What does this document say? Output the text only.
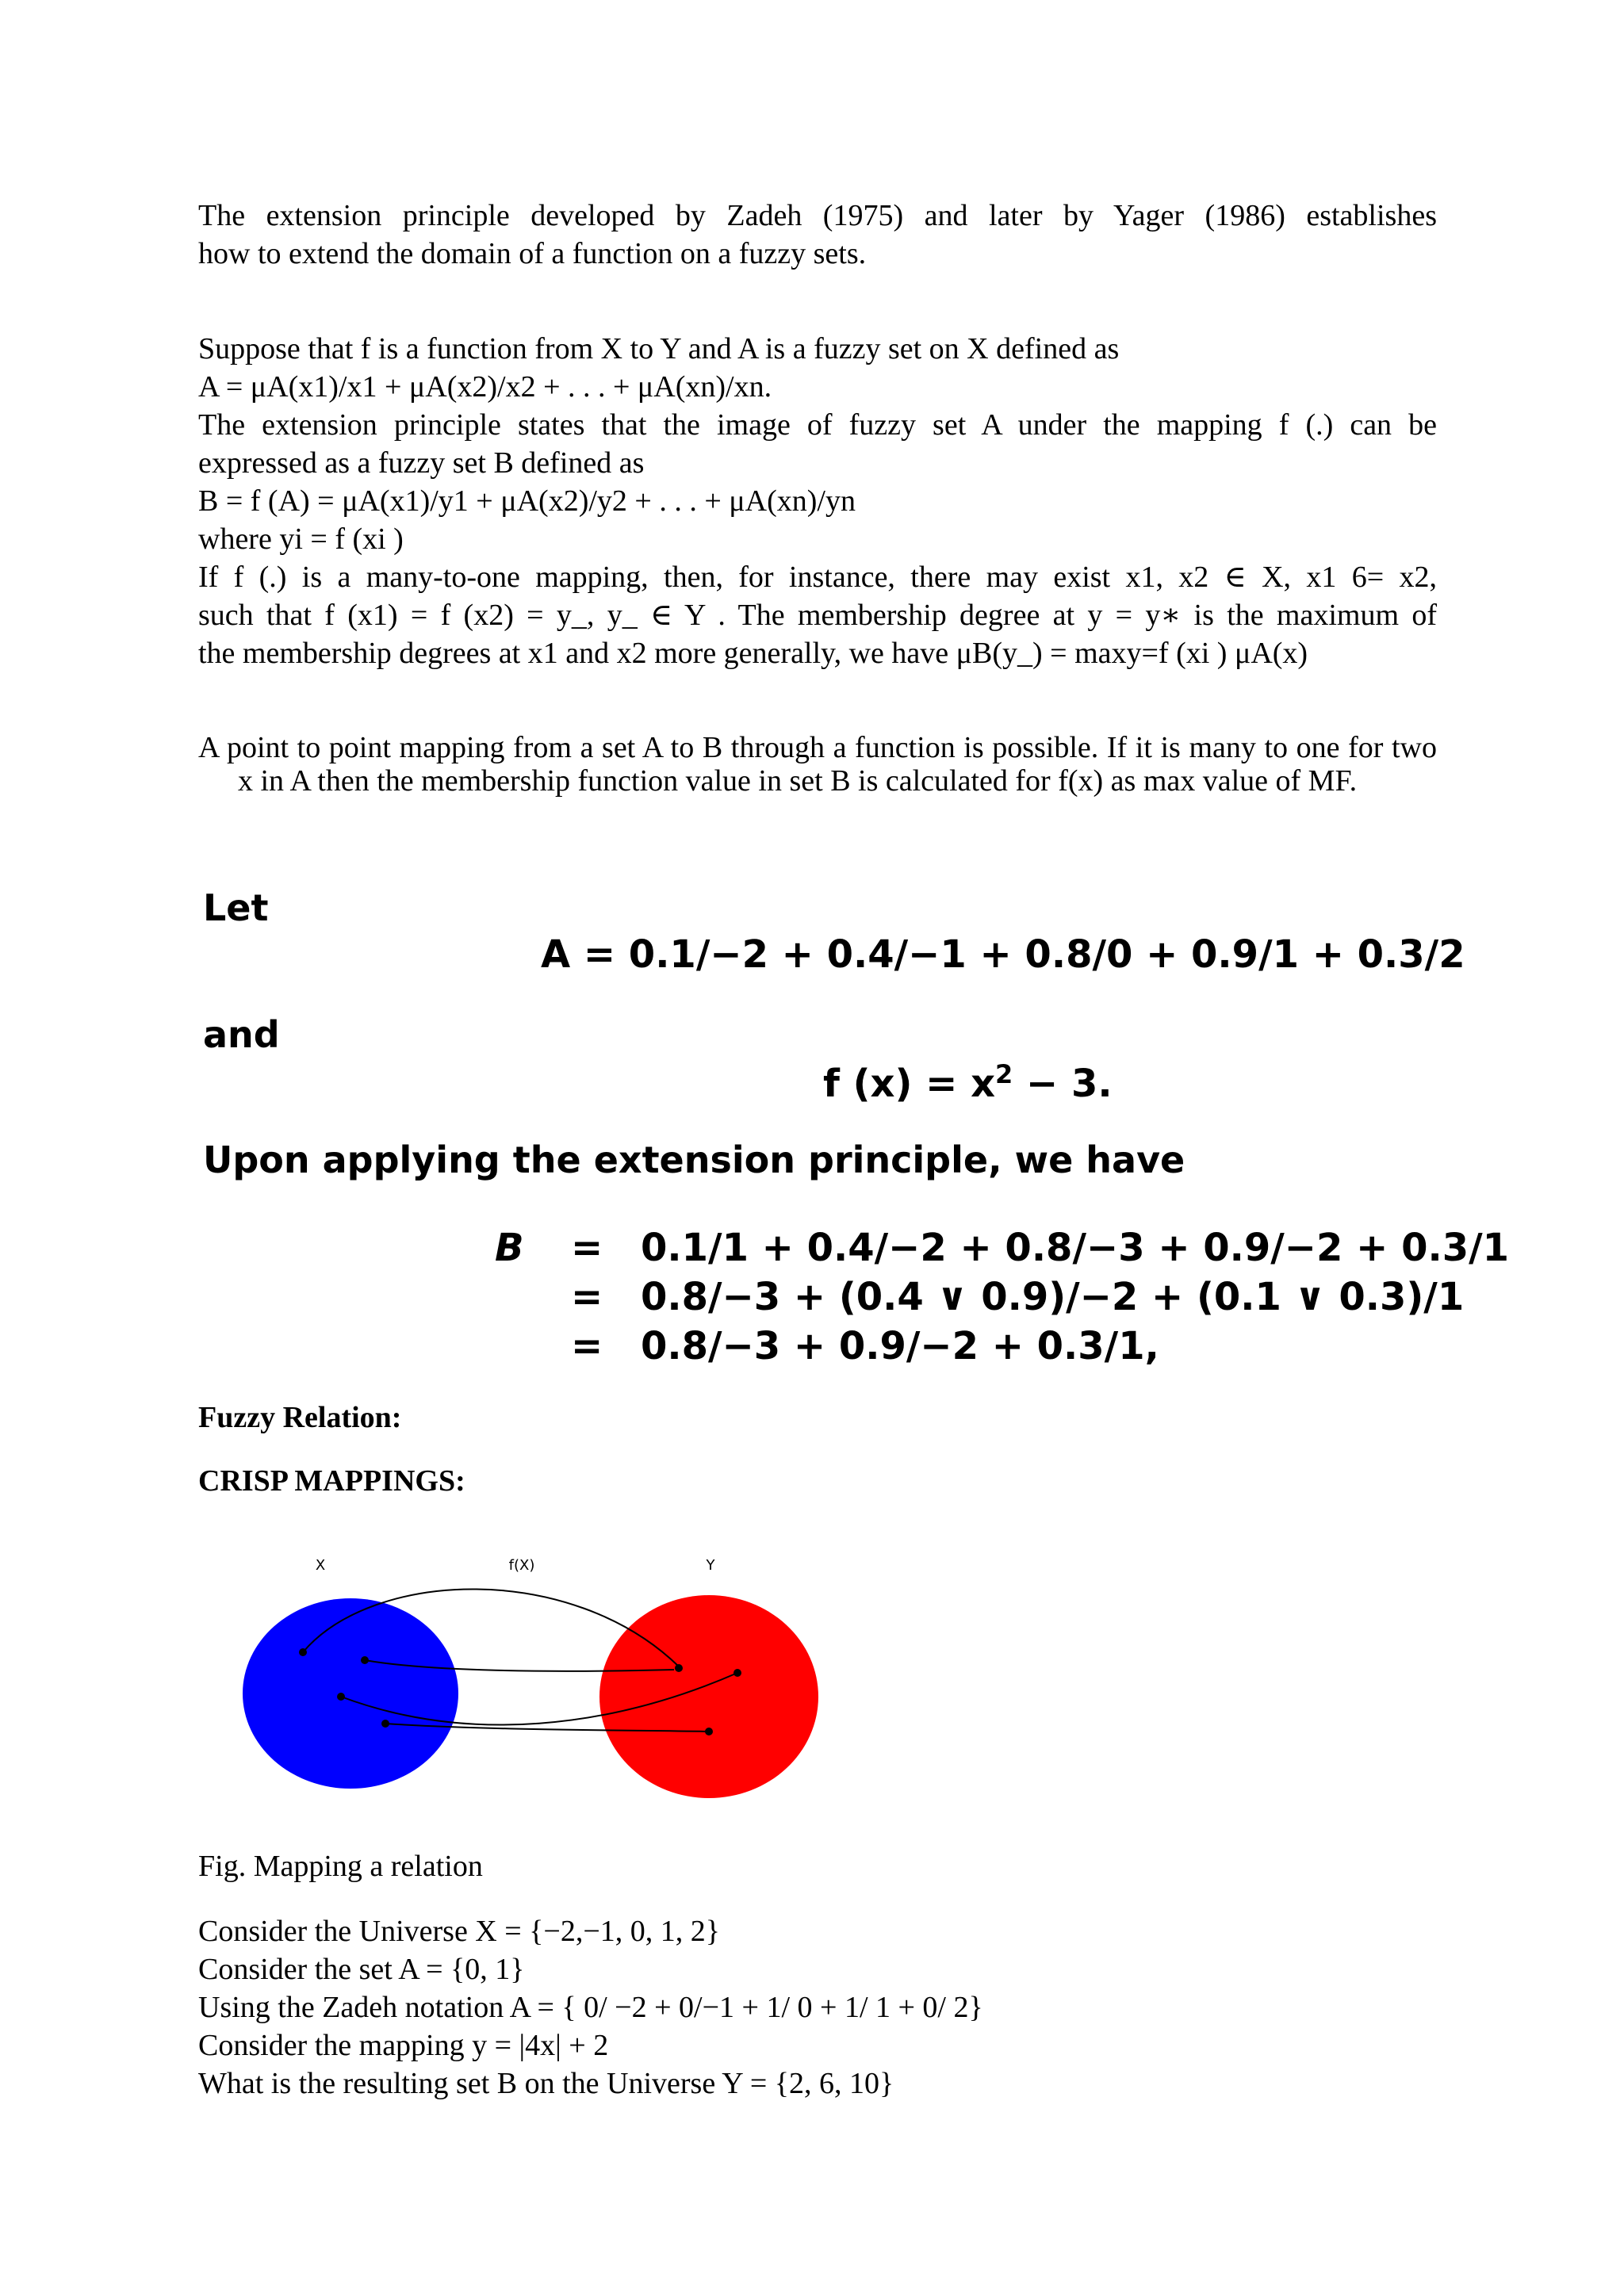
The extension principle developed by Zadeh (1975) and later by Yager (1986) establishes
how to extend the domain of a function on a fuzzy sets.
Suppose that f is a function from X to Y and A is a fuzzy set on X defined as
A = μA(x1)/x1 + μA(x2)/x2 + . . . + μA(xn)/xn.
The extension principle states that the image of fuzzy set A under the mapping f (.) can be
expressed as a fuzzy set B defined as
B = f (A) = μA(x1)/y1 + μA(x2)/y2 + . . . + μA(xn)/yn
where yi = f (xi )
If f (.) is a many-to-one mapping, then, for instance, there may exist x1, x2 ∈ X, x1 6= x2,
such that f (x1) = f (x2) = y_, y_ ∈ Y . The membership degree at y = y∗ is the maximum of
the membership degrees at x1 and x2 more generally, we have μB(y_) = maxy=f (xi ) μA(x)
A point to point mapping from a set A to B through a function is possible. If it is many to one for two x in A then the membership function value in set B is calculated for f(x) as max value of MF.
Let
A = 0.1/−2 + 0.4/−1 + 0.8/0 + 0.9/1 + 0.3/2
and
f $(x) = x^2 - 3$.
Upon applying the extension principle, we have
B = 0.1/1 + 0.4/−2 + 0.8/−3 + 0.9/−2 + 0.3/1
= 0.8/−3 + (0.4 ∨ 0.9)/−2 + (0.1 ∨ 0.3)/1
= 0.8/−3 + 0.9/−2 + 0.3/1,
Fuzzy Relation:
CRISP MAPPINGS:
X	f(X)	Y
Fig. Mapping a relation
Consider the Universe X = {−2,−1, 0, 1, 2}
Consider the set A = {0, 1}
Using the Zadeh notation A = { 0/ −2 + 0/−1 + 1/ 0 + 1/ 1 + 0/ 2}
Consider the mapping y = |4x| + 2
What is the resulting set B on the Universe Y = {2, 6, 10}
